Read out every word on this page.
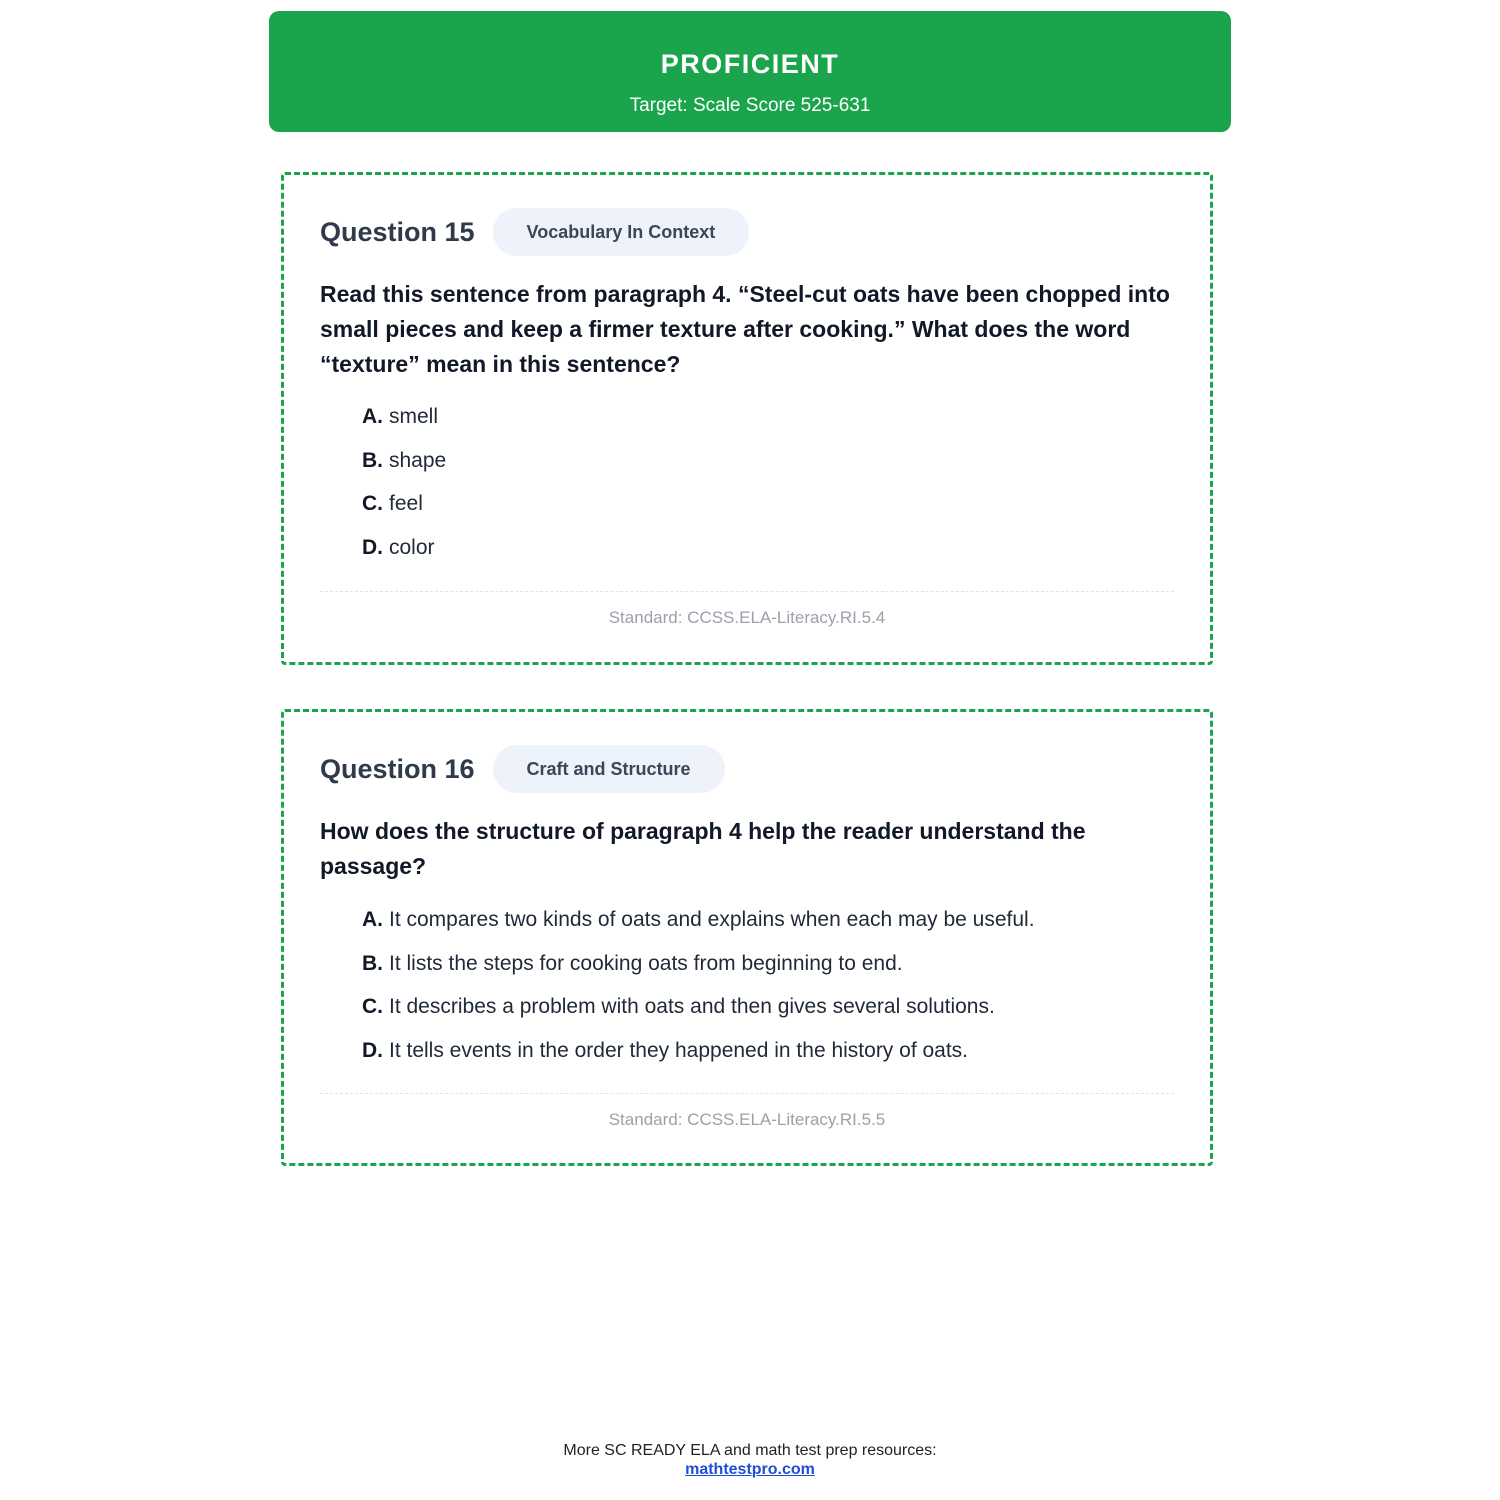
PROFICIENT
Target: Scale Score 525-631
Question 15	Vocabulary In Context
Read this sentence from paragraph 4. “Steel-cut oats have been chopped into small pieces and keep a firmer texture after cooking.” What does the word “texture” mean in this sentence?
A. smell
B. shape
C. feel
D. color
Standard: CCSS.ELA-Literacy.RI.5.4
Question 16	Craft and Structure
How does the structure of paragraph 4 help the reader understand the passage?
A. It compares two kinds of oats and explains when each may be useful.
B. It lists the steps for cooking oats from beginning to end.
C. It describes a problem with oats and then gives several solutions.
D. It tells events in the order they happened in the history of oats.
Standard: CCSS.ELA-Literacy.RI.5.5
More SC READY ELA and math test prep resources:
mathtestpro.com
